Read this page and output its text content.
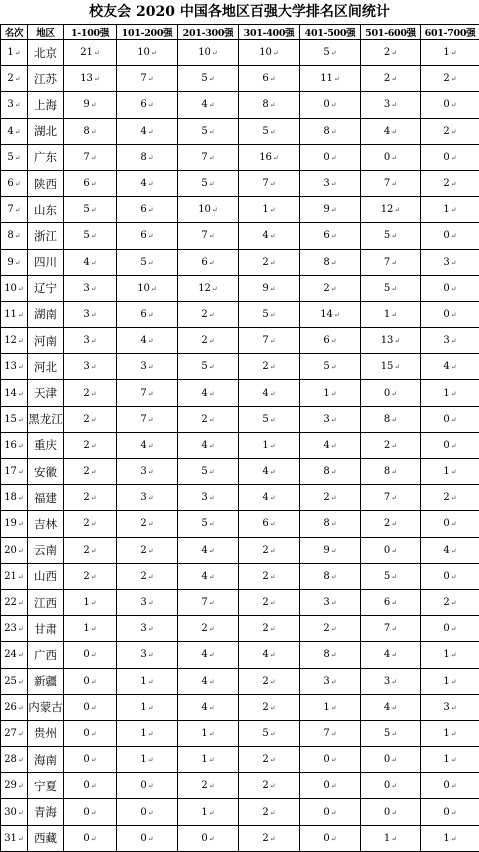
校友会 2020 中国各地区百强大学排名区间统计
名次	地区	1-100强	101-200强	201-300强	301-400强	401-500强	501-600强	601-700强
1↵	北京	21↵	10↵	10↵	10↵	5↵	2↵	1↵
2↵	江苏	13↵	7↵	5↵	6↵	11↵	2↵	2↵
3↵	上海	9↵	6↵	4↵	8↵	0↵	3↵	0↵
4↵	湖北	8↵	4↵	5↵	5↵	8↵	4↵	2↵
5↵	广东	7↵	8↵	7↵	16↵	0↵	0↵	0↵
6↵	陕西	6↵	4↵	5↵	7↵	3↵	7↵	2↵
7↵	山东	5↵	6↵	10↵	1↵	9↵	12↵	1↵
8↵	浙江	5↵	6↵	7↵	4↵	6↵	5↵	0↵
9↵	四川	4↵	5↵	6↵	2↵	8↵	7↵	3↵
10↵	辽宁	3↵	10↵	12↵	9↵	2↵	5↵	0↵
11↵	湖南	3↵	6↵	2↵	5↵	14↵	1↵	0↵
12↵	河南	3↵	4↵	2↵	7↵	6↵	13↵	3↵
13↵	河北	3↵	3↵	5↵	2↵	5↵	15↵	4↵
14↵	天津	2↵	7↵	4↵	4↵	1↵	0↵	1↵
15↵	黑龙江	2↵	7↵	2↵	5↵	3↵	8↵	0↵
16↵	重庆	2↵	4↵	4↵	1↵	4↵	2↵	0↵
17↵	安徽	2↵	3↵	5↵	4↵	8↵	8↵	1↵
18↵	福建	2↵	3↵	3↵	4↵	2↵	7↵	2↵
19↵	吉林	2↵	2↵	5↵	6↵	8↵	2↵	0↵
20↵	云南	2↵	2↵	4↵	2↵	9↵	0↵	4↵
21↵	山西	2↵	2↵	4↵	2↵	8↵	5↵	0↵
22↵	江西	1↵	3↵	7↵	2↵	3↵	6↵	2↵
23↵	甘肃	1↵	3↵	2↵	2↵	2↵	7↵	0↵
24↵	广西	0↵	3↵	4↵	4↵	8↵	4↵	1↵
25↵	新疆	0↵	1↵	4↵	2↵	3↵	3↵	1↵
26↵	内蒙古	0↵	1↵	4↵	2↵	1↵	4↵	3↵
27↵	贵州	0↵	1↵	1↵	5↵	7↵	5↵	1↵
28↵	海南	0↵	1↵	1↵	2↵	0↵	0↵	1↵
29↵	宁夏	0↵	0↵	2↵	2↵	0↵	0↵	0↵
30↵	青海	0↵	0↵	1↵	2↵	0↵	0↵	0↵
31↵	西藏	0↵	0↵	0↵	2↵	0↵	1↵	1↵
